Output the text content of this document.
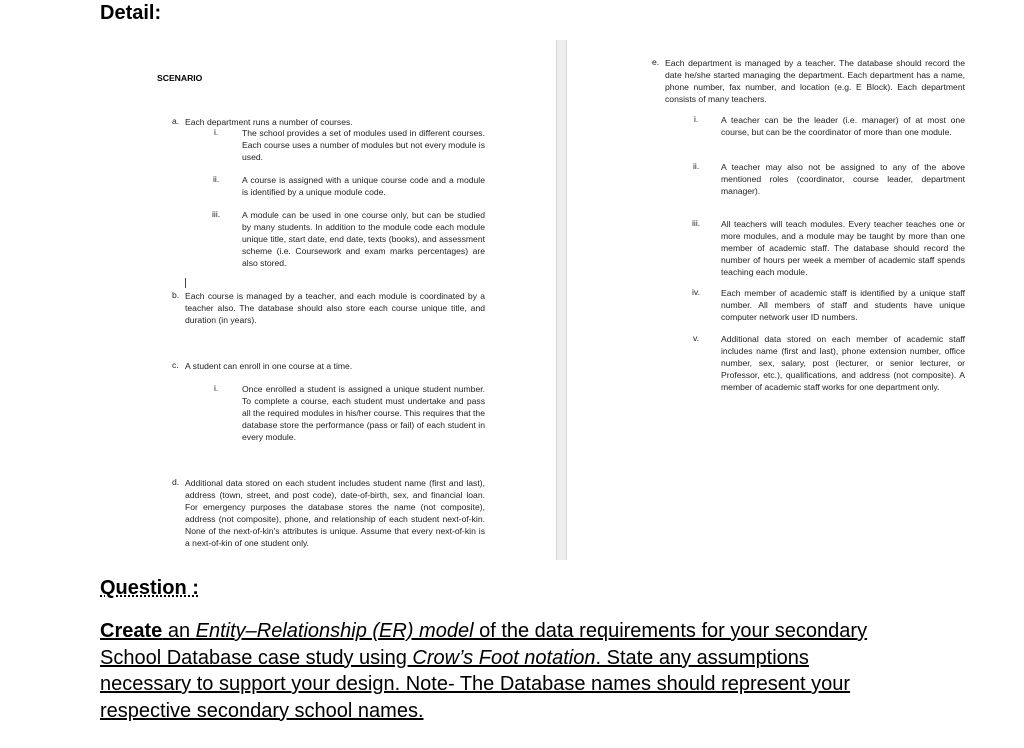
Detail:
SCENARIO
a. Each department runs a number of courses.
i.	The school provides a set of modules used in different courses. Each course uses a number of modules but not every module is used.
ii.	A course is assigned with a unique course code and a module is identified by a unique module code.
iii.	A module can be used in one course only, but can be studied by many students. In addition to the module code each module unique title, start date, end date, texts (books), and assessment scheme (i.e. Coursework and exam marks percentages) are also stored.
b. Each course is managed by a teacher, and each module is coordinated by a teacher also. The database should also store each course unique title, and duration (in years).
c. A student can enroll in one course at a time.
i.	Once enrolled a student is assigned a unique student number. To complete a course, each student must undertake and pass all the required modules in his/her course. This requires that the database store the performance (pass or fail) of each student in every module.
d. Additional data stored on each student includes student name (first and last), address (town, street, and post code), date-of-birth, sex, and financial loan. For emergency purposes the database stores the name (not composite), address (not composite), phone, and relationship of each student next-of-kin. None of the next-of-kin's attributes is unique. Assume that every next-of-kin is a next-of-kin of one student only.
e. Each department is managed by a teacher. The database should record the date he/she started managing the department. Each department has a name, phone number, fax number, and location (e.g. E Block). Each department consists of many teachers.
i.	A teacher can be the leader (i.e. manager) of at most one course, but can be the coordinator of more than one module.
ii.	A teacher may also not be assigned to any of the above mentioned roles (coordinator, course leader, department manager).
iii. All teachers will teach modules. Every teacher teaches one or more modules, and a module may be taught by more than one member of academic staff. The database should record the number of hours per week a member of academic staff spends teaching each module.
iv. Each member of academic staff is identified by a unique staff number. All members of staff and students have unique computer network user ID numbers.
v.	Additional data stored on each member of academic staff includes name (first and last), phone extension number, office number, sex, salary, post (lecturer, or senior lecturer, or Professor, etc.), qualifications, and address (not composite). A member of academic staff works for one department only.
Question :
Create an Entity–Relationship (ER) model of the data requirements for your secondary School Database case study using Crow’s Foot notation. State any assumptions necessary to support your design. Note- The Database names should represent your respective secondary school names.
